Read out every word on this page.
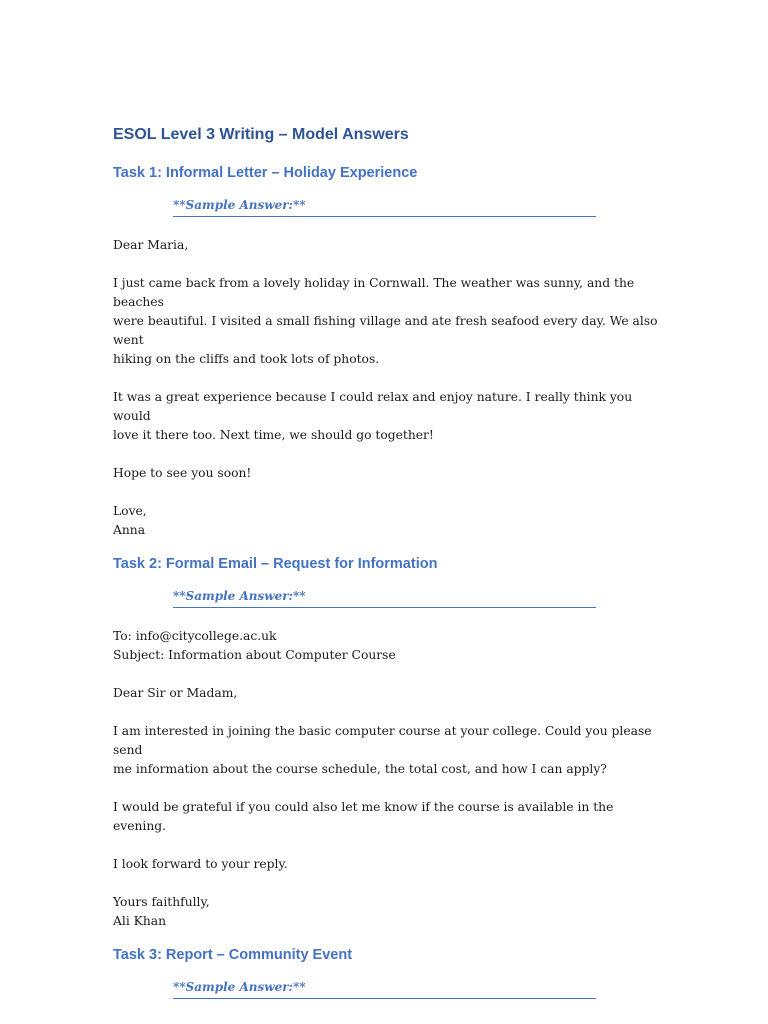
ESOL Level 3 Writing – Model Answers
Task 1: Informal Letter – Holiday Experience
**Sample Answer:**

Dear Maria,

I just came back from a lovely holiday in Cornwall. The weather was sunny, and the beaches

were beautiful. I visited a small fishing village and ate fresh seafood every day. We also went

hiking on the cliffs and took lots of photos.

It was a great experience because I could relax and enjoy nature. I really think you would

love it there too. Next time, we should go together!

Hope to see you soon!

Love,

Anna

Task 2: Formal Email – Request for Information
**Sample Answer:**

To: info@citycollege.ac.uk

Subject: Information about Computer Course

Dear Sir or Madam,

I am interested in joining the basic computer course at your college. Could you please send

me information about the course schedule, the total cost, and how I can apply?

I would be grateful if you could also let me know if the course is available in the evening.

I look forward to your reply.

Yours faithfully,

Ali Khan

Task 3: Report – Community Event
**Sample Answer:**
